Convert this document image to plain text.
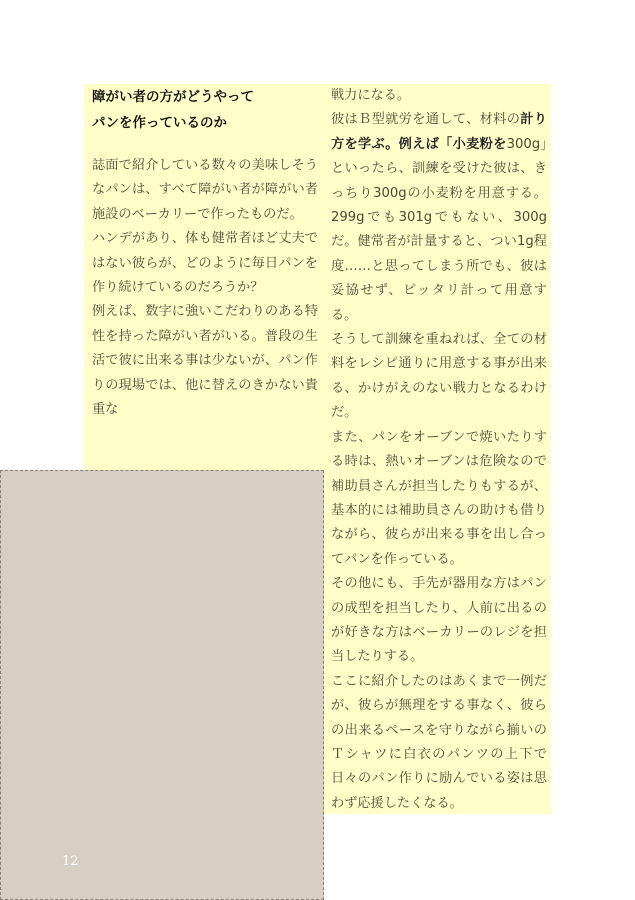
障がい者の方がどうやって

パンを作っているのか

誌面で紹介している数々の美味しそうなパンは、すべて障がい者が障がい者施設のベーカリーで作ったものだ。

ハンデがあり、体も健常者ほど丈夫ではない彼らが、どのように毎日パンを作り続けているのだろうか？

例えば、数字に強いこだわりのある特性を持った障がい者がいる。普段の生活で彼に出来る事は少ないが、パン作りの現場では、他に替えのきかない貴重な

戦力になる。

彼はＢ型就労を通して、材料の計り方を学ぶ。例えば「小麦粉を300g」といったら、訓練を受けた彼は、きっちり300gの小麦粉を用意する。299gでも301gでもない、300gだ。健常者が計量すると、つい1g程度……と思ってしまう所でも、彼は妥協せず、ピッタリ計って用意する。

そうして訓練を重ねれば、全ての材料をレシピ通りに用意する事が出来る、かけがえのない戦力となるわけだ。

また、パンをオーブンで焼いたりする時は、熱いオーブンは危険なので補助員さんが担当したりもするが、基本的には補助員さんの助けも借りながら、彼らが出来る事を出し合ってパンを作っている。

その他にも、手先が器用な方はパンの成型を担当したり、人前に出るのが好きな方はベーカリーのレジを担当したりする。

ここに紹介したのはあくまで一例だが、彼らが無理をする事なく、彼らの出来るペースを守りながら揃いのＴシャツに白衣のパンツの上下で日々のパン作りに励んでいる姿は思わず応援したくなる。

12
